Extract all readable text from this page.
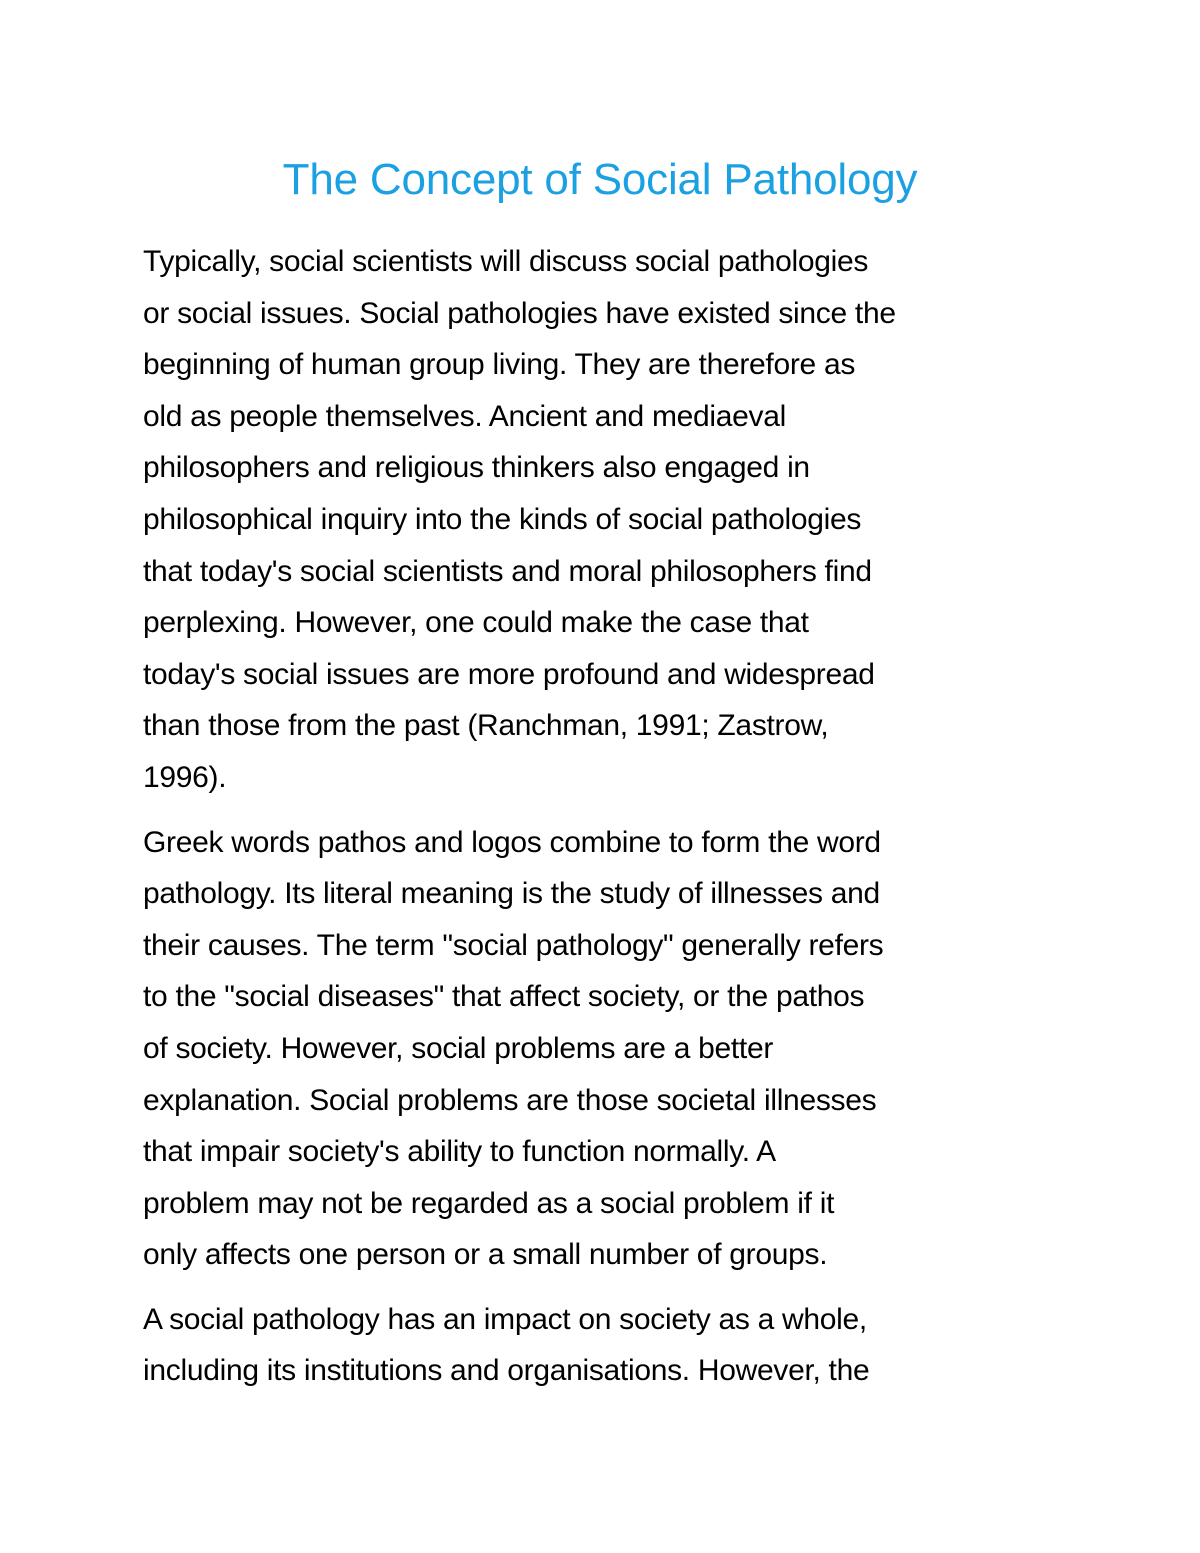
The Concept of Social Pathology
Typically, social scientists will discuss social pathologies
or social issues. Social pathologies have existed since the
beginning of human group living. They are therefore as
old as people themselves. Ancient and mediaeval
philosophers and religious thinkers also engaged in
philosophical inquiry into the kinds of social pathologies
that today's social scientists and moral philosophers find
perplexing. However, one could make the case that
today's social issues are more profound and widespread
than those from the past (Ranchman, 1991; Zastrow,
1996).
Greek words pathos and logos combine to form the word
pathology. Its literal meaning is the study of illnesses and
their causes. The term "social pathology" generally refers
to the "social diseases" that affect society, or the pathos
of society. However, social problems are a better
explanation. Social problems are those societal illnesses
that impair society's ability to function normally. A
problem may not be regarded as a social problem if it
only affects one person or a small number of groups.
A social pathology has an impact on society as a whole,
including its institutions and organisations. However, the
